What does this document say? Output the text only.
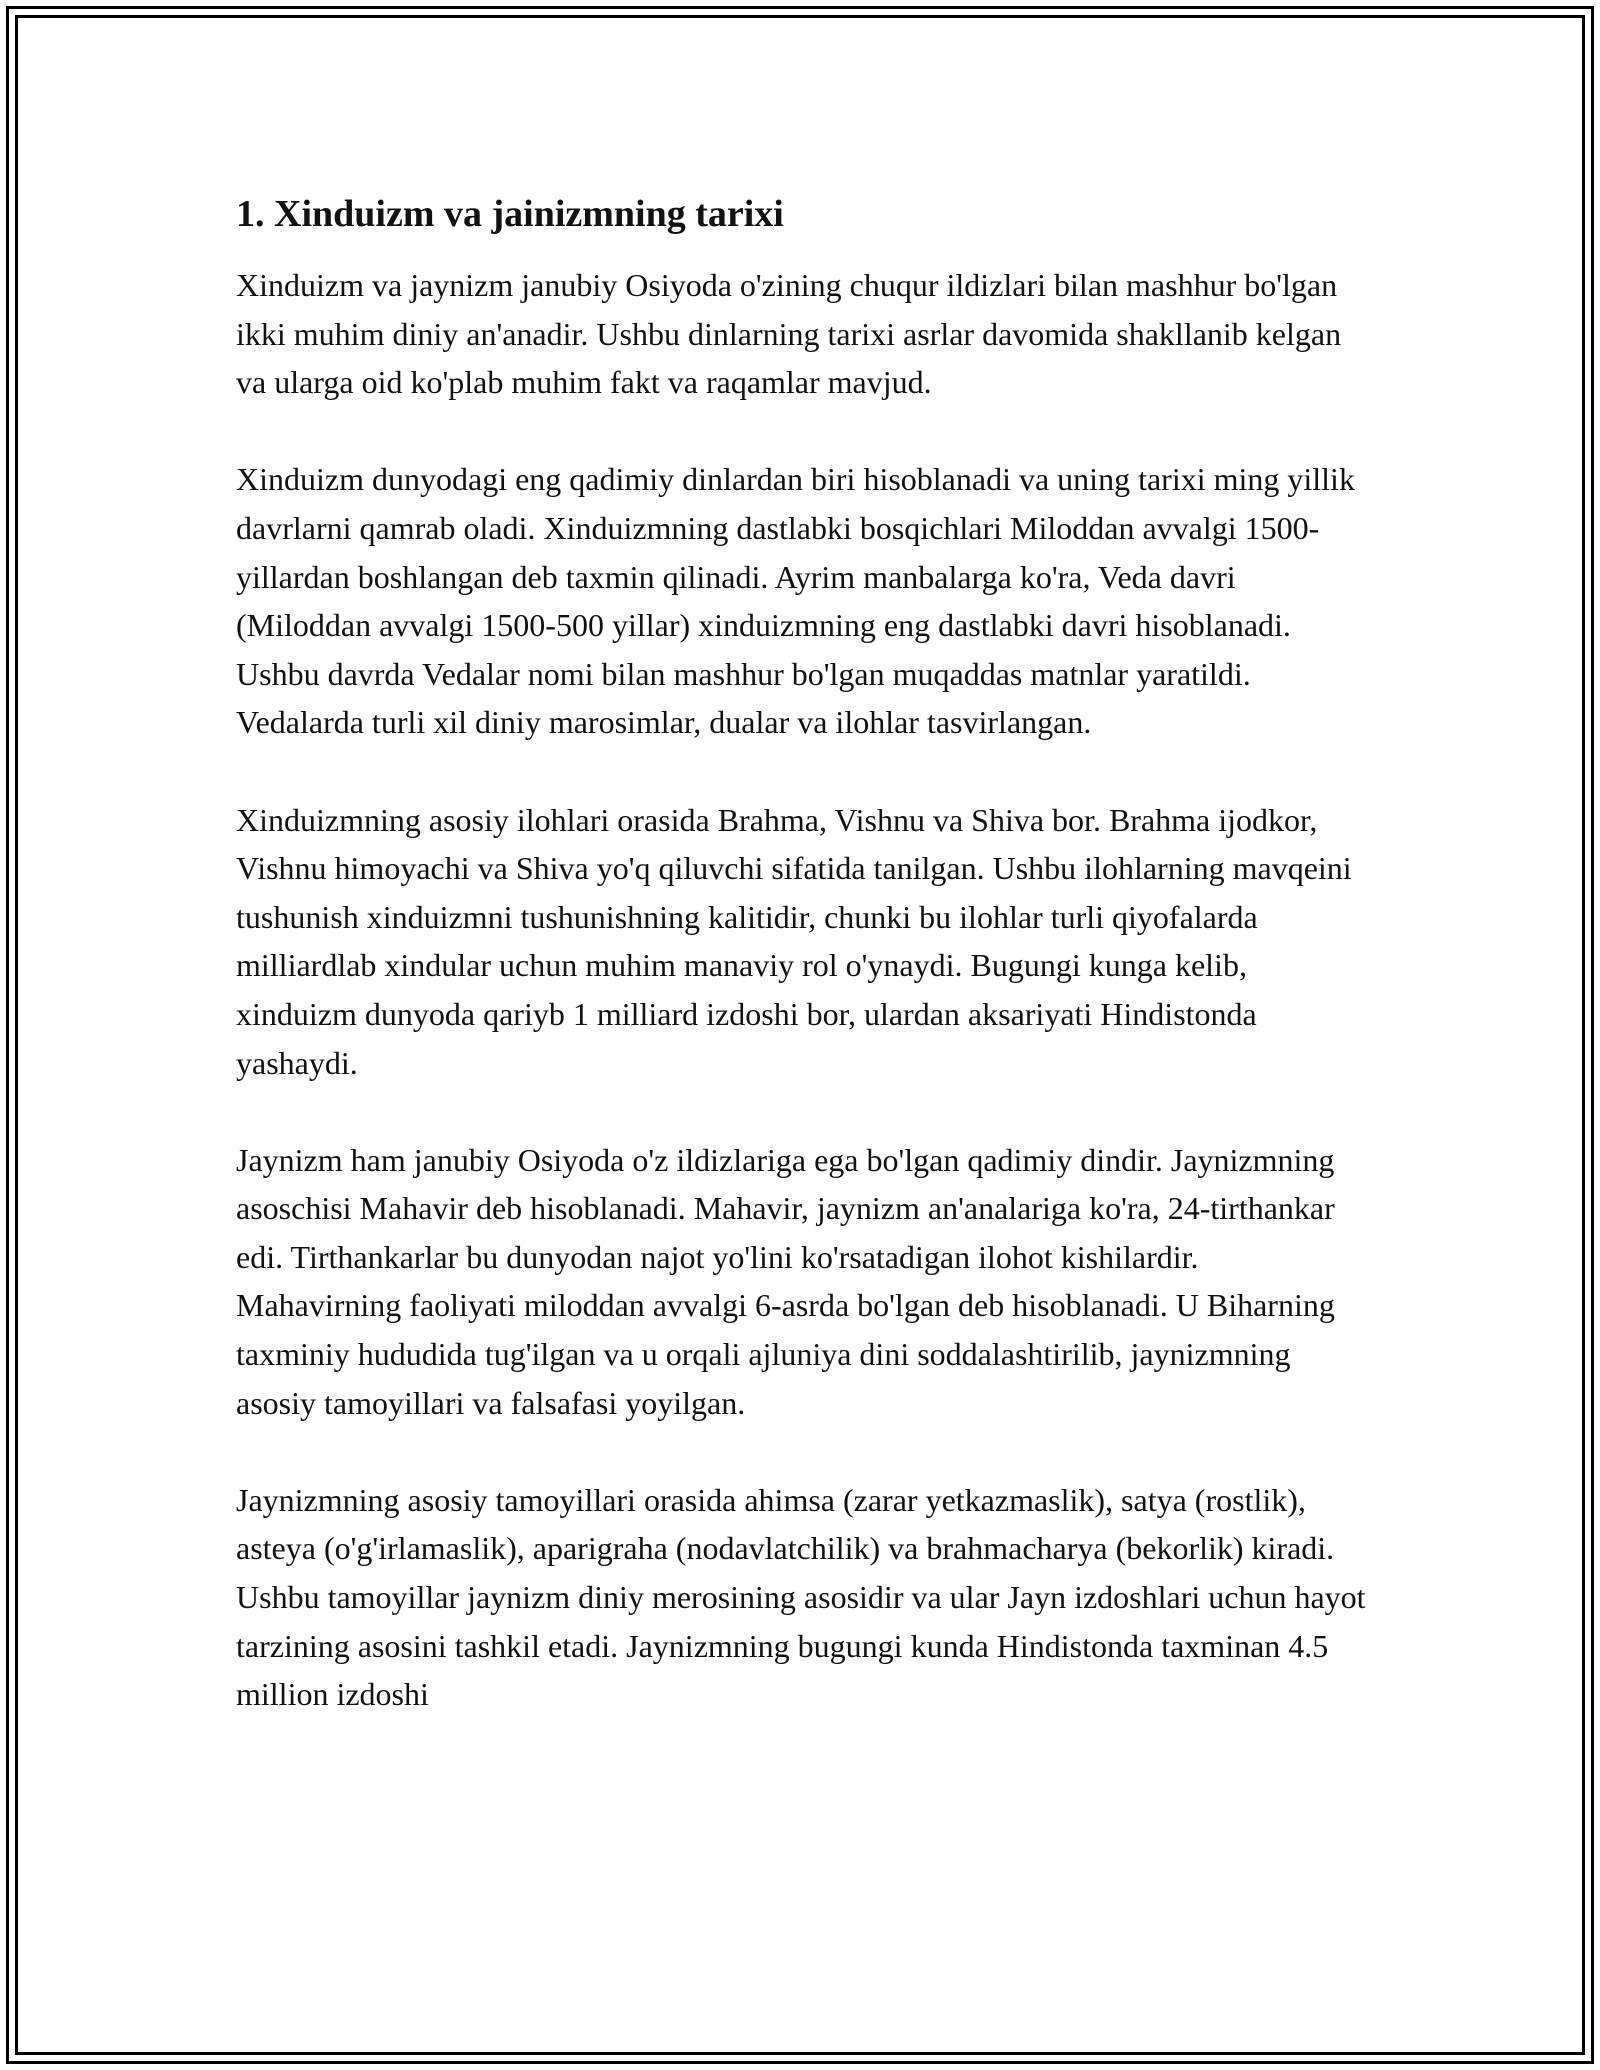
1. Xinduizm va jainizmning tarixi

Xinduizm va jaynizm janubiy Osiyoda o'zining chuqur ildizlari bilan mashhur bo'lgan ikki muhim diniy an'anadir. Ushbu dinlarning tarixi asrlar davomida shakllanib kelgan va ularga oid ko'plab muhim fakt va raqamlar mavjud.

Xinduizm dunyodagi eng qadimiy dinlardan biri hisoblanadi va uning tarixi ming yillik davrlarni qamrab oladi. Xinduizmning dastlabki bosqichlari Miloddan avvalgi 1500-yillardan boshlangan deb taxmin qilinadi. Ayrim manbalarga ko'ra, Veda davri (Miloddan avvalgi 1500-500 yillar) xinduizmning eng dastlabki davri hisoblanadi. Ushbu davrda Vedalar nomi bilan mashhur bo'lgan muqaddas matnlar yaratildi. Vedalarda turli xil diniy marosimlar, dualar va ilohlar tasvirlangan.

Xinduizmning asosiy ilohlari orasida Brahma, Vishnu va Shiva bor. Brahma ijodkor, Vishnu himoyachi va Shiva yo'q qiluvchi sifatida tanilgan. Ushbu ilohlarning mavqeini tushunish xinduizmni tushunishning kalitidir, chunki bu ilohlar turli qiyofalarda milliardlab xindular uchun muhim manaviy rol o'ynaydi. Bugungi kunga kelib, xinduizm dunyoda qariyb 1 milliard izdoshi bor, ulardan aksariyati Hindistonda yashaydi.

Jaynizm ham janubiy Osiyoda o'z ildizlariga ega bo'lgan qadimiy dindir. Jaynizmning asoschisi Mahavir deb hisoblanadi. Mahavir, jaynizm an'analariga ko'ra, 24-tirthankar edi. Tirthankarlar bu dunyodan najot yo'lini ko'rsatadigan ilohot kishilardir. Mahavirning faoliyati miloddan avvalgi 6-asrda bo'lgan deb hisoblanadi. U Biharning taxminiy hududida tug'ilgan va u orqali ajluniya dini soddalashtirilib, jaynizmning asosiy tamoyillari va falsafasi yoyilgan.

Jaynizmning asosiy tamoyillari orasida ahimsa (zarar yetkazmaslik), satya (rostlik), asteya (o'g'irlamaslik), aparigraha (nodavlatchilik) va brahmacharya (bekorlik) kiradi. Ushbu tamoyillar jaynizm diniy merosining asosidir va ular Jayn izdoshlari uchun hayot tarzining asosini tashkil etadi. Jaynizmning bugungi kunda Hindistonda taxminan 4.5 million izdoshi
